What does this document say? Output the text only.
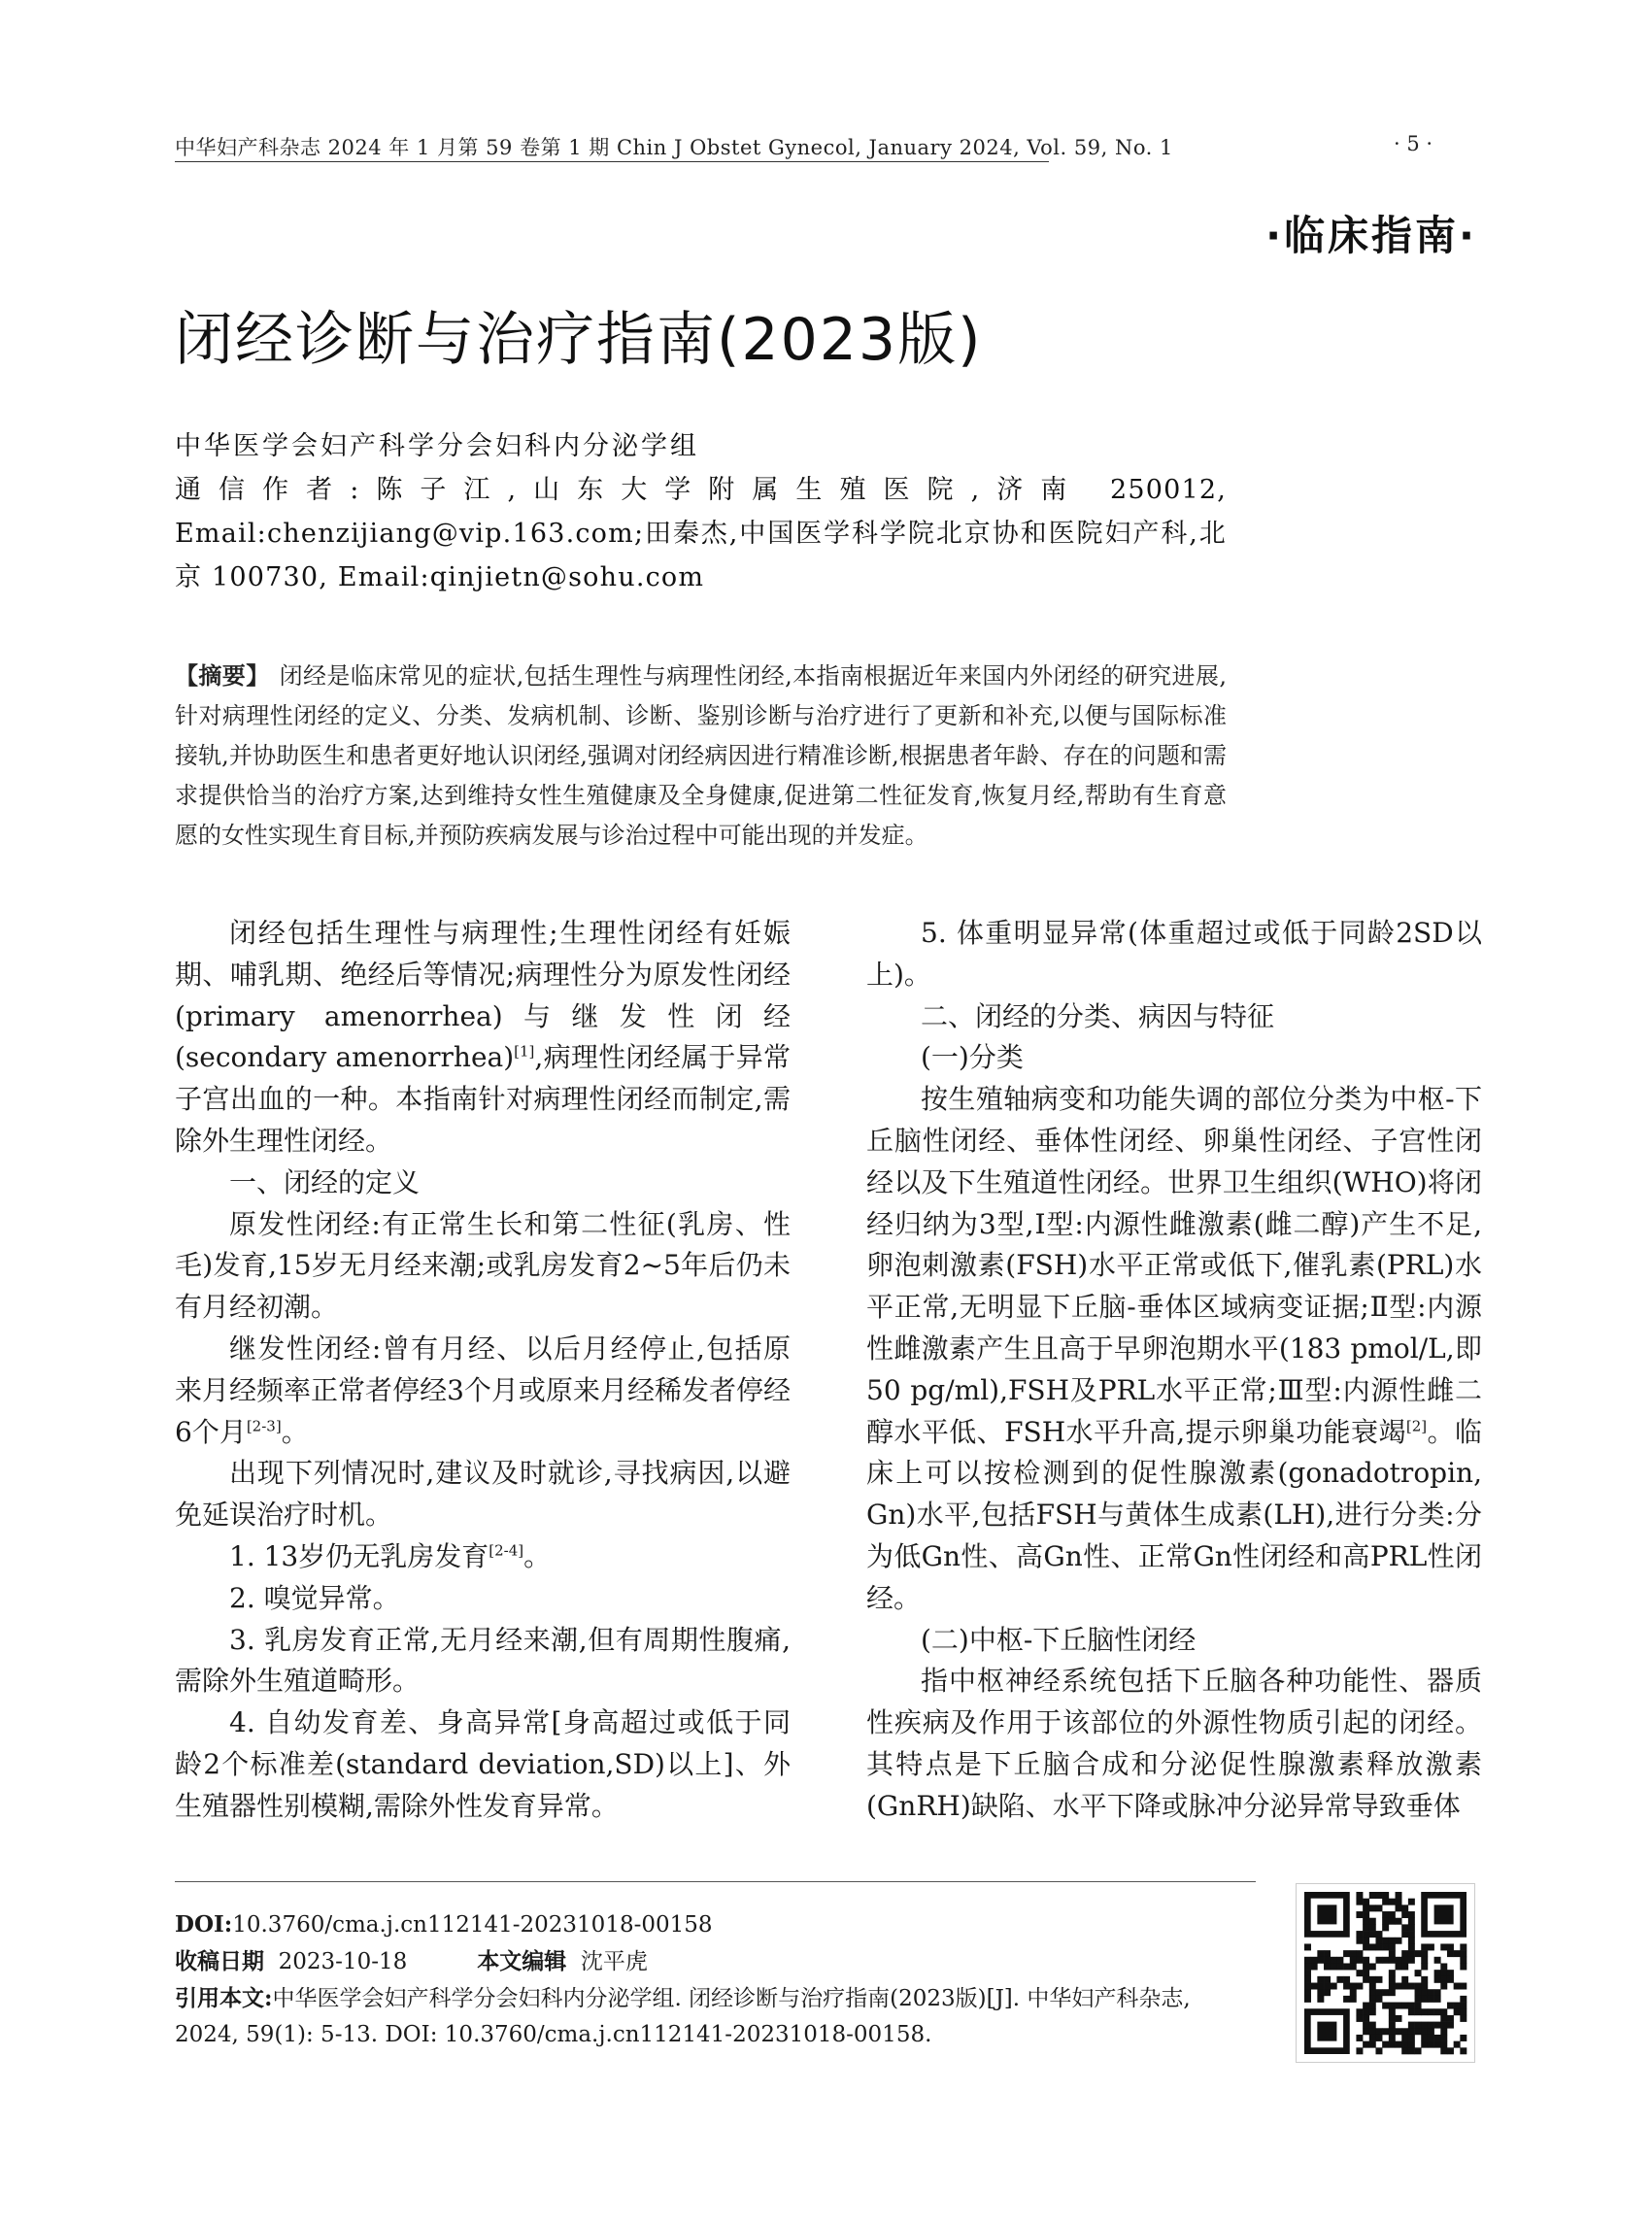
中华妇产科杂志 2024 年 1 月第 59 卷第 1 期 Chin J Obstet Gynecol, January 2024, Vol. 59, No. 1	· 5 ·
·临床指南·
闭经诊断与治疗指南(2023版)
中华医学会妇产科学分会妇科内分泌学组
通信作者:陈子江,山东大学附属生殖医院,济南 250012, Email:chenzijiang@vip.163.com;田秦杰,中国医学科学院北京协和医院妇产科,北京 100730, Email:qinjietn@sohu.com
【摘要】 闭经是临床常见的症状,包括生理性与病理性闭经,本指南根据近年来国内外闭经的研究进展,针对病理性闭经的定义、分类、发病机制、诊断、鉴别诊断与治疗进行了更新和补充,以便与国际标准接轨,并协助医生和患者更好地认识闭经,强调对闭经病因进行精准诊断,根据患者年龄、存在的问题和需求提供恰当的治疗方案,达到维持女性生殖健康及全身健康,促进第二性征发育,恢复月经,帮助有生育意愿的女性实现生育目标,并预防疾病发展与诊治过程中可能出现的并发症。

闭经包括生理性与病理性;生理性闭经有妊娠期、哺乳期、绝经后等情况;病理性分为原发性闭经(primary amenorrhea)与继发性闭经(secondary amenorrhea)[1],病理性闭经属于异常子宫出血的一种。本指南针对病理性闭经而制定,需除外生理性闭经。

一、闭经的定义

原发性闭经:有正常生长和第二性征(乳房、性毛)发育,15岁无月经来潮;或乳房发育2~5年后仍未有月经初潮。

继发性闭经:曾有月经、以后月经停止,包括原来月经频率正常者停经3个月或原来月经稀发者停经6个月[2-3]。

出现下列情况时,建议及时就诊,寻找病因,以避免延误治疗时机。

1. 13岁仍无乳房发育[2-4]。

2. 嗅觉异常。

3. 乳房发育正常,无月经来潮,但有周期性腹痛,需除外生殖道畸形。

4. 自幼发育差、身高异常[身高超过或低于同龄2个标准差(standard deviation,SD)以上]、外生殖器性别模糊,需除外性发育异常。

5. 体重明显异常(体重超过或低于同龄2SD以上)。

二、闭经的分类、病因与特征

(一)分类

按生殖轴病变和功能失调的部位分类为中枢-下丘脑性闭经、垂体性闭经、卵巢性闭经、子宫性闭经以及下生殖道性闭经。世界卫生组织(WHO)将闭经归纳为3型,Ⅰ型:内源性雌激素(雌二醇)产生不足,卵泡刺激素(FSH)水平正常或低下,催乳素(PRL)水平正常,无明显下丘脑-垂体区域病变证据;Ⅱ型:内源性雌激素产生且高于早卵泡期水平(183 pmol/L,即50 pg/ml),FSH及PRL水平正常;Ⅲ型:内源性雌二醇水平低、FSH水平升高,提示卵巢功能衰竭[2]。临床上可以按检测到的促性腺激素(gonadotropin, Gn)水平,包括FSH与黄体生成素(LH),进行分类:分为低Gn性、高Gn性、正常Gn性闭经和高PRL性闭经。

(二)中枢-下丘脑性闭经

指中枢神经系统包括下丘脑各种功能性、器质性疾病及作用于该部位的外源性物质引起的闭经。其特点是下丘脑合成和分泌促性腺激素释放激素(GnRH)缺陷、水平下降或脉冲分泌异常导致垂体

DOI:10.3760/cma.j.cn112141-20231018-00158
收稿日期 2023-10-18	本文编辑 沈平虎
引用本文:中华医学会妇产科学分会妇科内分泌学组. 闭经诊断与治疗指南(2023版)[J]. 中华妇产科杂志, 2024, 59(1): 5-13. DOI: 10.3760/cma.j.cn112141-20231018-00158.
